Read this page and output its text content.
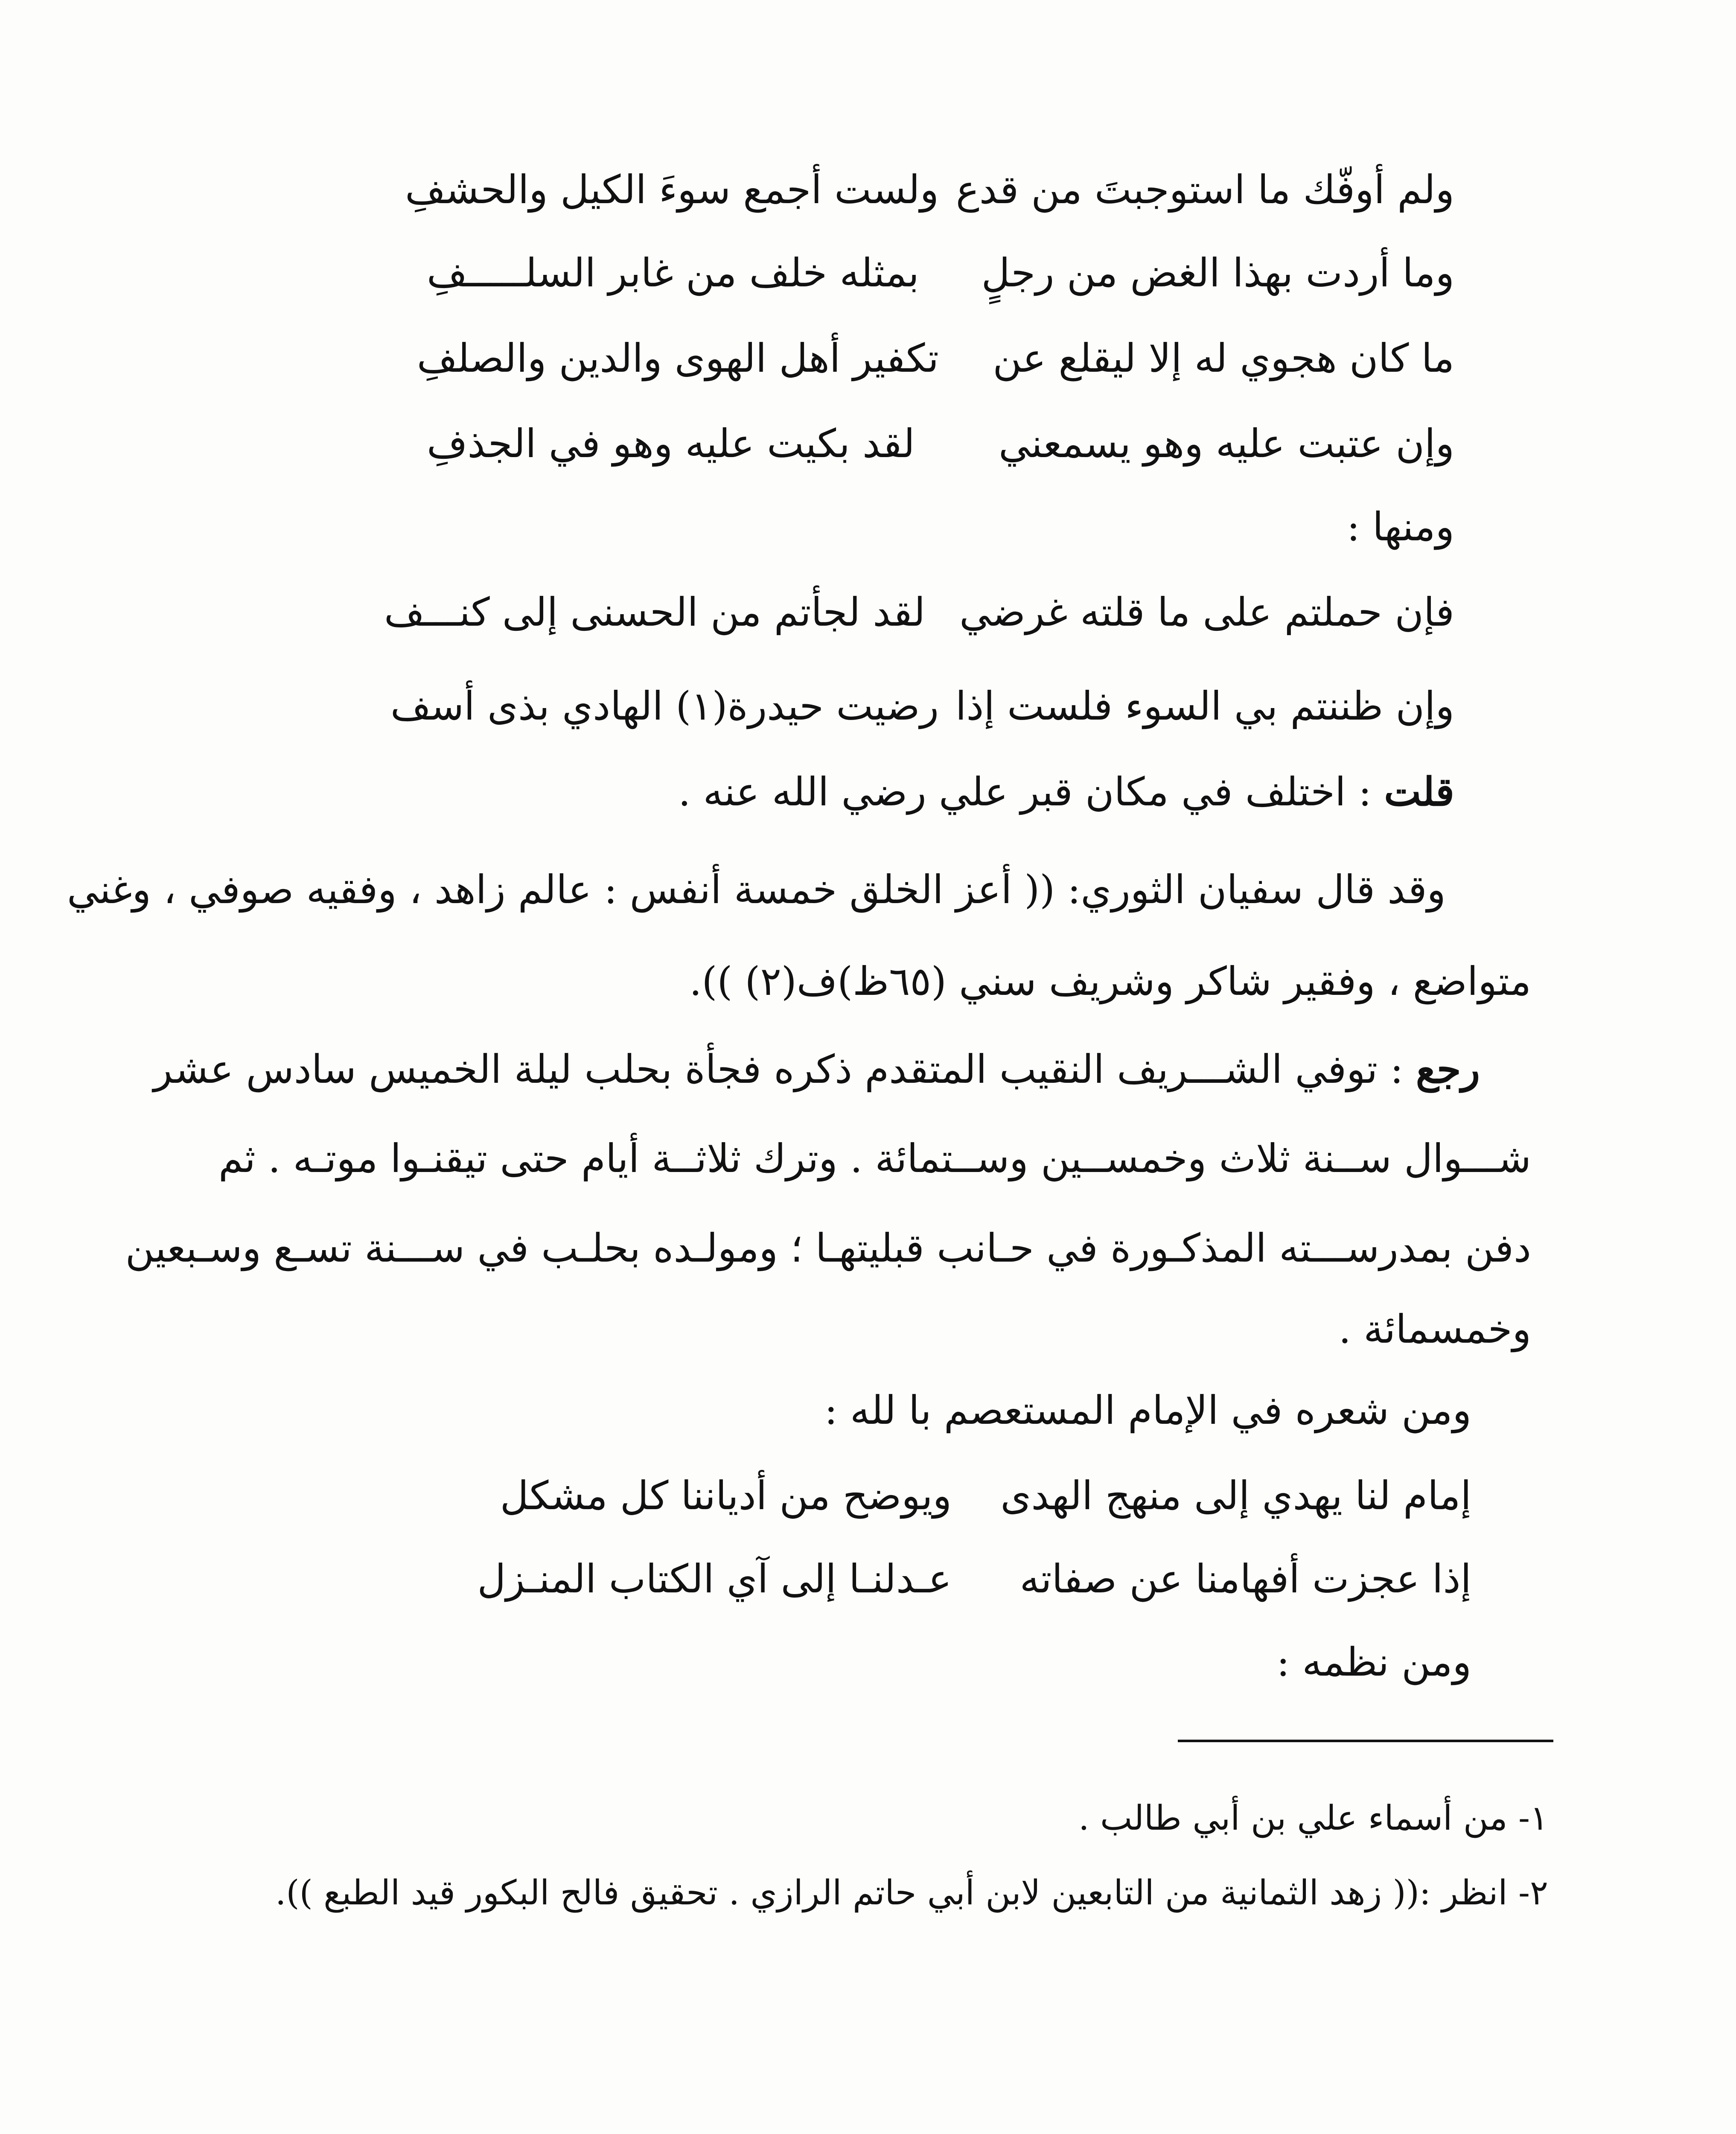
ولم أوفّك ما استوجبتَ من قدع
ولست أجمع سوءَ الكيل والحشفِ
وما أردت بهذا الغض من رجلٍ
بمثله خلف من غابر السلـــــفِ
ما كان هجوي له إلا ليقلع عن
تكفير أهل الهوى والدين والصلفِ
وإن عتبت عليه وهو يسمعني
لقد بكيت عليه وهو في الجذفِ
ومنها :
فإن حملتم على ما قلته غرضي
لقد لجأتم من الحسنى إلى كنـــف
وإن ظننتم بي السوء فلست إذا
رضيت حيدرة(١) الهادي بذى أسف
قلت : اختلف في مكان قبر علي رضي الله عنه .
وقد قال سفيان الثوري: (( أعز الخلق خمسة أنفس : عالم زاهد ، وفقيه صوفي ، وغني
متواضع ، وفقير شاكر وشريف سني (٦٥ظ)ف(٢) )).
رجع : توفي الشـــريف النقيب المتقدم ذكره فجأة بحلب ليلة الخميس سادس عشر
شـــوال ســنة ثلاث وخمســين وســتمائة . وترك ثلاثــة أيام حتى تيقنـوا موتـه . ثم
دفن بمدرســـته المذكـورة في حـانب قبليتهـا ؛ ومولـده بحلـب في ســـنة تسـع وسـبعين
وخمسمائة .
ومن شعره في الإمام المستعصم با لله :
إمام لنا يهدي إلى منهج الهدى
ويوضح من أدياننا كل مشكل
إذا عجزت أفهامنا عن صفاته
عـدلنـا إلى آي الكتاب المنـزل
ومن نظمه :
١- من أسماء علي بن أبي طالب .
٢- انظر :(( زهد الثمانية من التابعين لابن أبي حاتم الرازي . تحقيق فالح البكور قيد الطبع )).
